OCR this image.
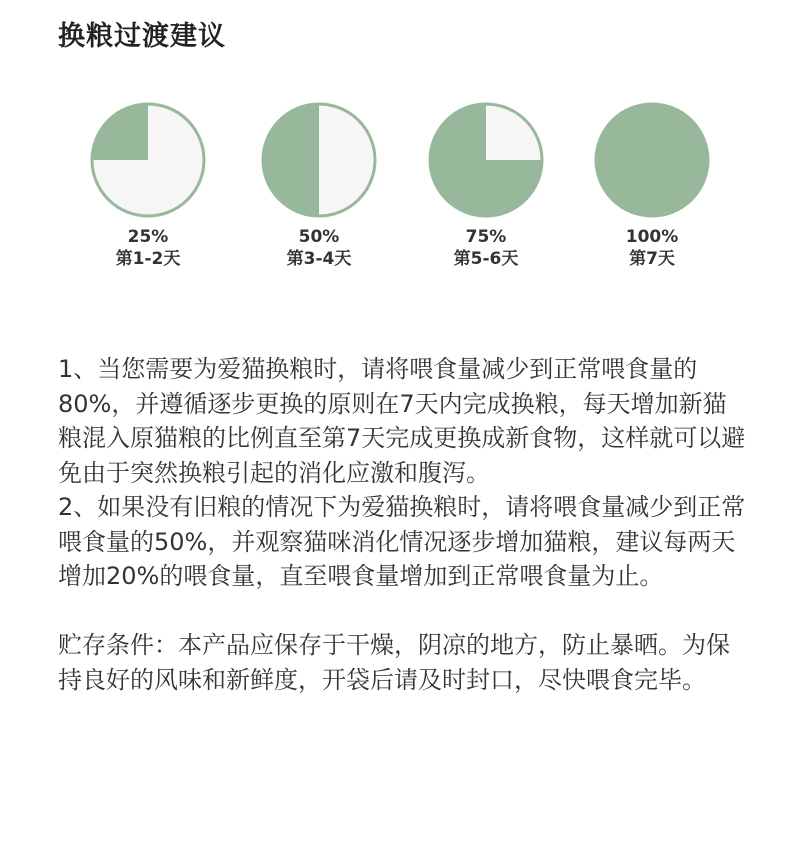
换粮过渡建议
25%
第1-2天
50%
第3-4天
75%
第5-6天
100%
第7天

1、当您需要为爱猫换粮时，请将喂食量减少到正常喂食量的80%，并遵循逐步更换的原则在7天内完成换粮，每天增加新猫粮混入原猫粮的比例直至第7天完成更换成新食物，这样就可以避免由于突然换粮引起的消化应激和腹泻。

2、如果没有旧粮的情况下为爱猫换粮时，请将喂食量减少到正常喂食量的50%，并观察猫咪消化情况逐步增加猫粮，建议每两天增加20%的喂食量，直至喂食量增加到正常喂食量为止。

贮存条件：本产品应保存于干燥，阴凉的地方，防止暴晒。为保持良好的风味和新鲜度，开袋后请及时封口，尽快喂食完毕。
